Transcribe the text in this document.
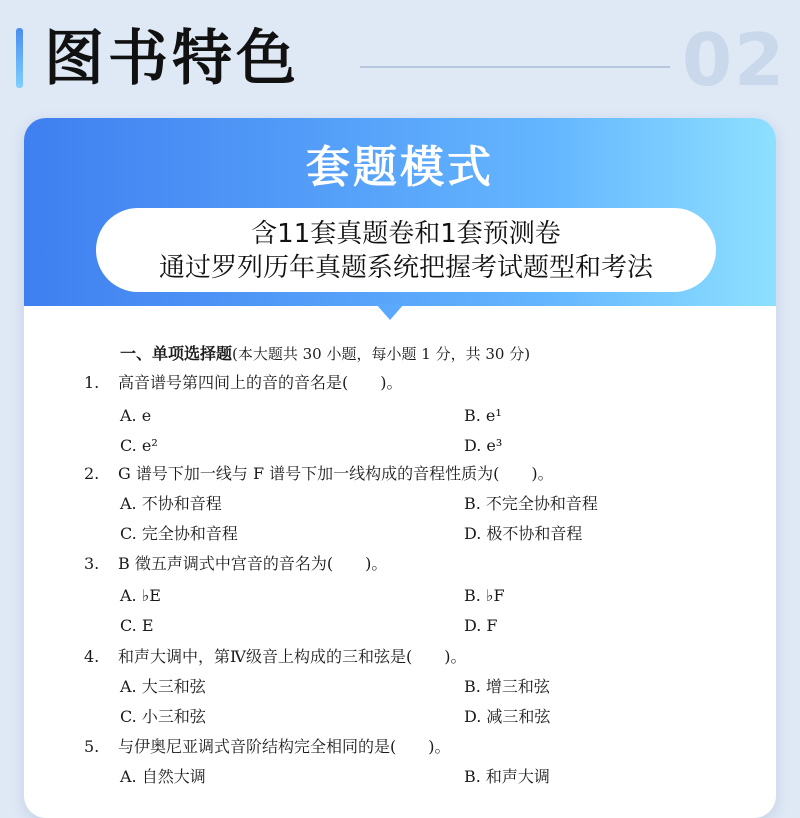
图书特色	02
套题模式
含11套真题卷和1套预测卷
通过罗列历年真题系统把握考试题型和考法
一、单项选择题(本大题共 30 小题，每小题 1 分，共 30 分)
1. 高音谱号第四间上的音的音名是(　　)。
A. e	B. e¹
C. e²	D. e³
2. G 谱号下加一线与 F 谱号下加一线构成的音程性质为(　　)。
A. 不协和音程	B. 不完全协和音程
C. 完全协和音程	D. 极不协和音程
3. B 徵五声调式中宫音的音名为(　　)。
A. ♭E	B. ♭F
C. E	D. F
4. 和声大调中，第Ⅳ级音上构成的三和弦是(　　)。
A. 大三和弦	B. 增三和弦
C. 小三和弦	D. 减三和弦
5. 与伊奥尼亚调式音阶结构完全相同的是(　　)。
A. 自然大调	B. 和声大调
